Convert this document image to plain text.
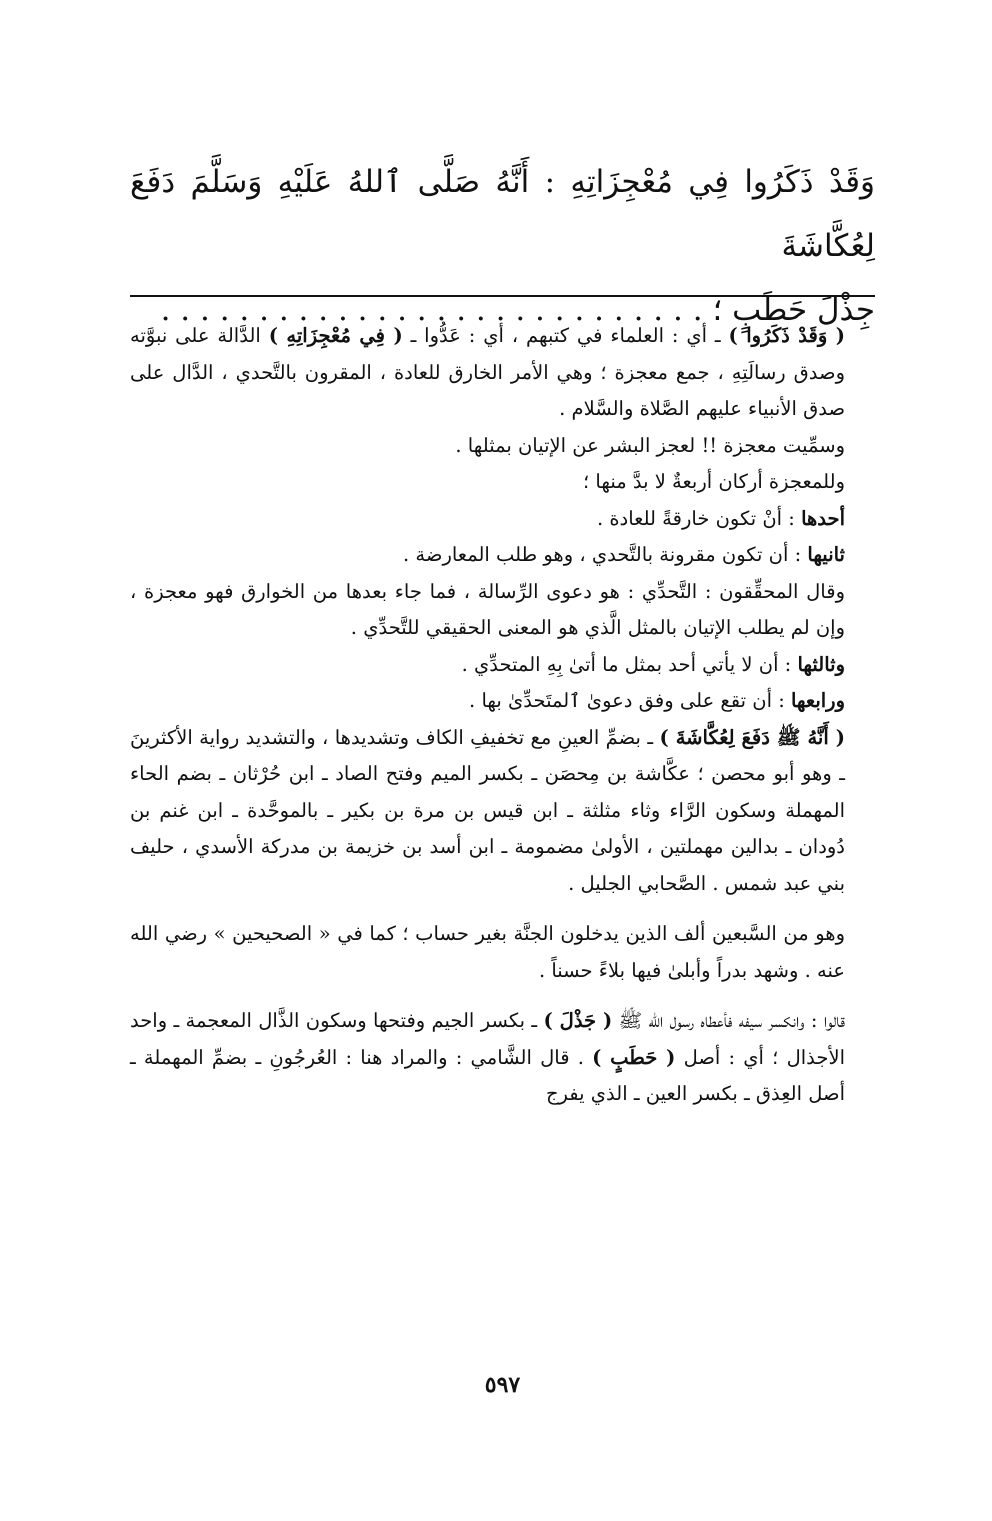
وَقَدْ ذَكَرُوا فِي مُعْجِزَاتِهِ : أَنَّهُ صَلَّى ٱللهُ عَلَيْهِ وَسَلَّمَ دَفَعَ لِعُكَّاشَةَ

جِذْلَ حَطَبٍ ؛ . . . . . . . . . . . . . . . . . . . . . . . . . . . .

( وَقَدْ ذَكَرُوا ) ـ أي : العلماء في كتبهم ، أي : عَدُّوا ـ ( فِي مُعْجِزَاتِهِ ) الدَّالة على نبوَّته وصدق رسالَتِهِ ، جمع معجزة ؛ وهي الأمر الخارق للعادة ، المقرون بالتَّحدي ، الدَّال على صدق الأنبياء عليهم الصَّلاة والسَّلام .

وسمِّيت معجزة !! لعجز البشر عن الإتيان بمثلها .

وللمعجزة أركان أربعةٌ لا بدَّ منها ؛

أحدها : أنْ تكون خارقةً للعادة .

ثانيها : أن تكون مقرونة بالتَّحدي ، وهو طلب المعارضة .

وقال المحقِّقون : التَّحدِّي : هو دعوى الرِّسالة ، فما جاء بعدها من الخوارق فهو معجزة ، وإن لم يطلب الإتيان بالمثل الَّذي هو المعنى الحقيقي للتَّحدِّي .

وثالثها : أن لا يأتي أحد بمثل ما أتىٰ بِهِ المتحدِّي .

ورابعها : أن تقع على وفق دعوىٰ ٱلمتَحدِّىٰ بها .

( أَنَّهُ ﷺ دَفَعَ لِعُكَّاشَةَ ) ـ بضمِّ العينِ مع تخفيفِ الكاف وتشديدها ، والتشديد رواية الأكثرينَ ـ وهو أبو محصن ؛ عكَّاشة بن مِحصَن ـ بكسر الميم وفتح الصاد ـ ابن حُرْثان ـ بضم الحاء المهملة وسكون الرَّاء وثاء مثلثة ـ ابن قيس بن مرة بن بكير ـ بالموحَّدة ـ ابن غنم بن دُودان ـ بدالين مهملتين ، الأولىٰ مضمومة ـ ابن أسد بن خزيمة بن مدركة الأسدي ، حليف بني عبد شمس . الصَّحابي الجليل .

وهو من السَّبعين ألف الذين يدخلون الجنَّة بغير حساب ؛ كما في « الصحيحين » رضي الله عنه . وشهد بدراً وأبلىٰ فيها بلاءً حسناً .

قالوا : وانكسر سيفه فأعطاه رسول الله ﷺ ( جَذْلَ ) ـ بكسر الجيم وفتحها وسكون الذَّال المعجمة ـ واحد الأجذال ؛ أي : أصل ( حَطَبٍ ) . قال الشَّامي : والمراد هنا : العُرجُونِ ـ بضمِّ المهملة ـ أصل العِذق ـ بكسر العين ـ الذي يفرج

٥٩٧
